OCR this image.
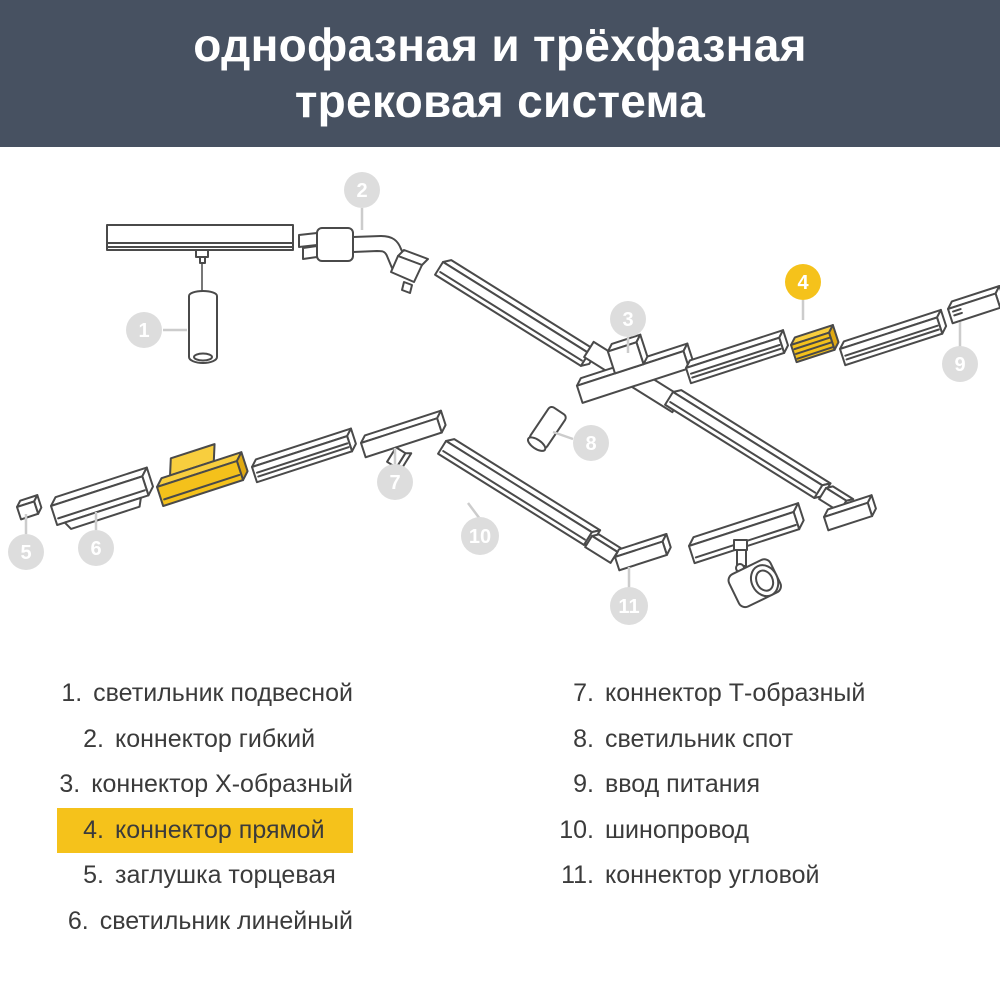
однофазная и трёхфазная
трековая система
1
2
3
4
5	6
7
8
9
10
11
1. светильник подвесной
2. коннектор гибкий
3. коннектор X-образный
4. коннектор прямой
5. заглушка торцевая
6. светильник линейный
7. коннектор Т-образный
8. светильник спот
9. ввод питания
10. шинопровод
11. коннектор угловой
